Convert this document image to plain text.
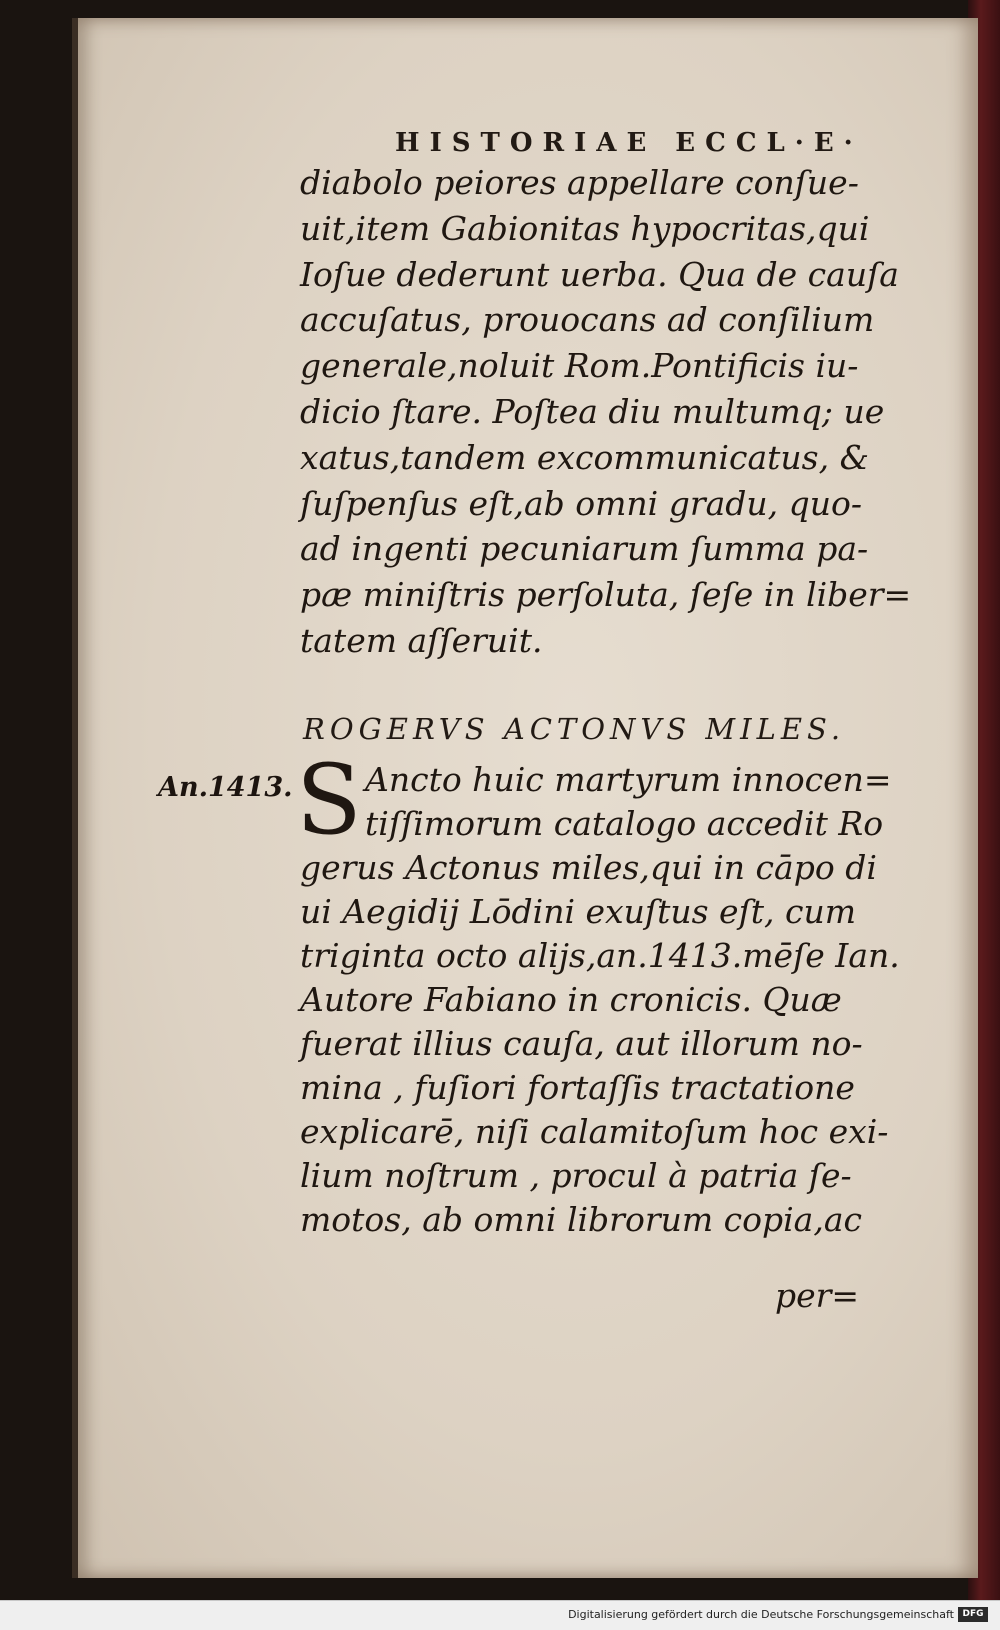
HISTORIAE ECCL·E·
diabolo peiores appellare conſue-
uit,item Gabionitas hypocritas,qui
Ioſue dederunt uerba. Qua de cauſa
accuſatus, prouocans ad conſilium
generale,noluit Rom.Pontificis iu-
dicio ſtare. Poſtea diu multumq; ue
xatus,tandem excommunicatus, &
ſuſpenſus eſt,ab omni gradu, quo-
ad ingenti pecuniarum ſumma pa-
pæ miniſtris perſoluta, ſeſe in liber=
tatem aſſeruit.
ROGERVS ACTONVS MILES.
An.1413. S Ancto huic martyrum innocen=
tiſſimorum catalogo accedit Ro
gerus Actonus miles,qui in cāpo di
ui Aegidij Lōdini exuſtus eſt, cum
triginta octo alijs,an.1413.mēſe Ian.
Autore Fabiano in cronicis. Quæ
fuerat illius cauſa, aut illorum no-
mina , fuſiori fortaſſis tractatione
explicarē, niſi calamitoſum hoc exi-
lium noſtrum , procul à patria ſe-
motos, ab omni librorum copia,ac
per=
Digitalisierung gefördert durch die Deutsche Forschungsgemeinschaft DFG
